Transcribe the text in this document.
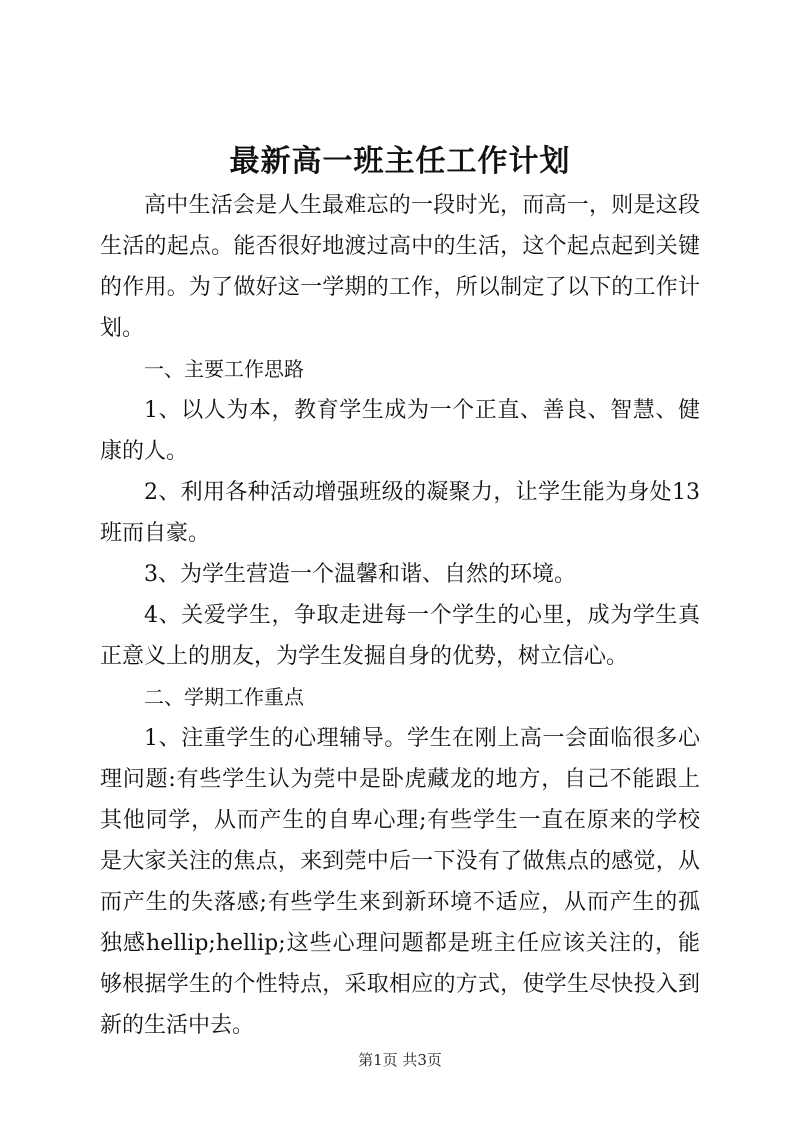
最新高一班主任工作计划

高中生活会是人生最难忘的一段时光，而高一，则是这段生活的起点。能否很好地渡过高中的生活，这个起点起到关键的作用。为了做好这一学期的工作，所以制定了以下的工作计划。

一、主要工作思路

1、以人为本，教育学生成为一个正直、善良、智慧、健康的人。

2、利用各种活动增强班级的凝聚力，让学生能为身处13班而自豪。

3、为学生营造一个温馨和谐、自然的环境。

4、关爱学生，争取走进每一个学生的心里，成为学生真正意义上的朋友，为学生发掘自身的优势，树立信心。

二、学期工作重点

1、注重学生的心理辅导。学生在刚上高一会面临很多心理问题:有些学生认为莞中是卧虎藏龙的地方，自己不能跟上其他同学，从而产生的自卑心理;有些学生一直在原来的学校是大家关注的焦点，来到莞中后一下没有了做焦点的感觉，从而产生的失落感;有些学生来到新环境不适应，从而产生的孤独感hellip;hellip;这些心理问题都是班主任应该关注的，能够根据学生的个性特点，采取相应的方式，使学生尽快投入到新的生活中去。

第1页 共3页
